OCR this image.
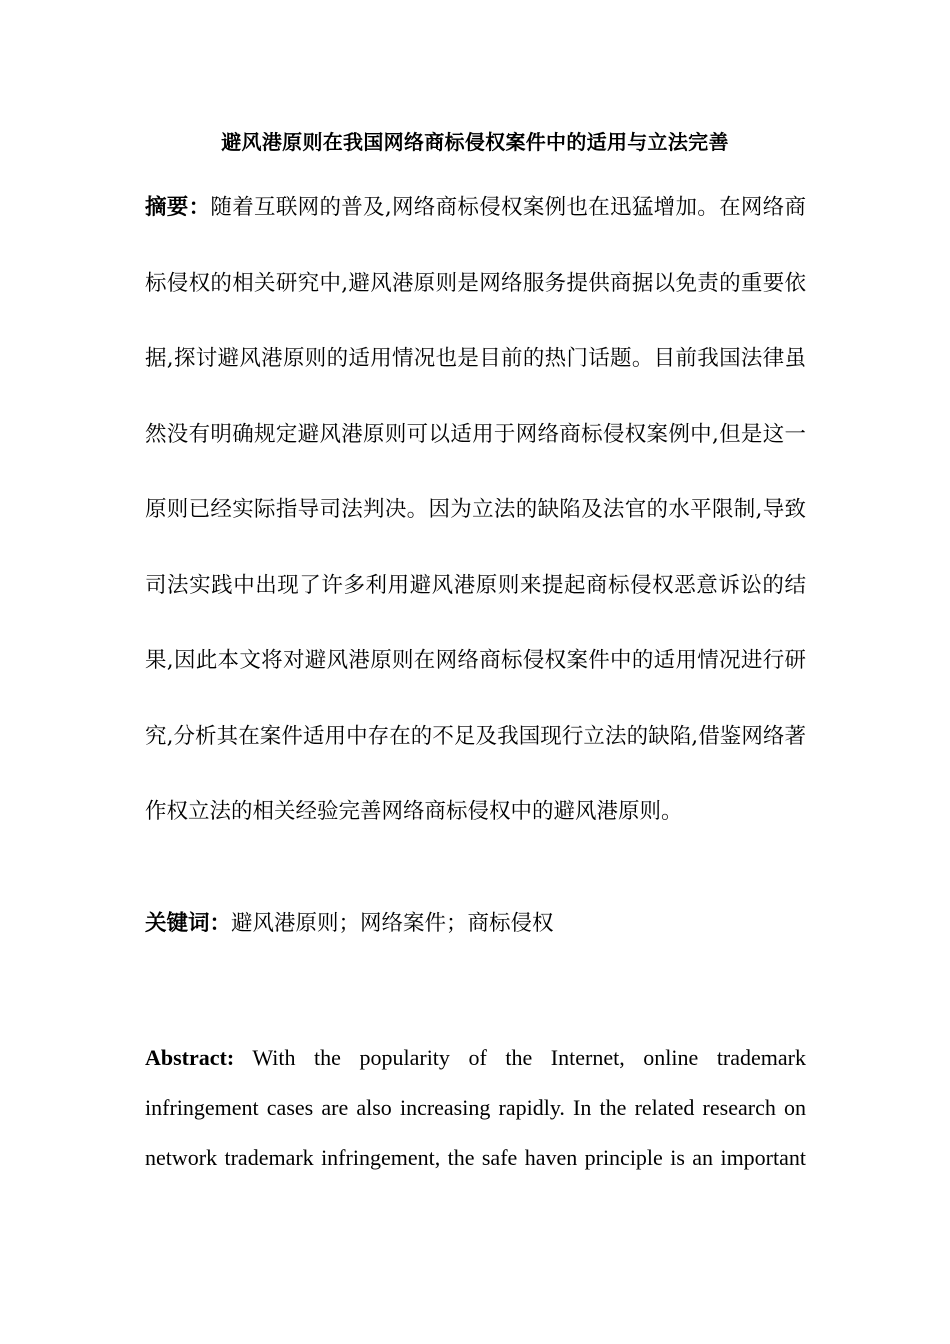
避风港原则在我国网络商标侵权案件中的适用与立法完善

摘要：随着互联网的普及,网络商标侵权案例也在迅猛增加。在网络商标侵权的相关研究中,避风港原则是网络服务提供商据以免责的重要依据,探讨避风港原则的适用情况也是目前的热门话题。目前我国法律虽然没有明确规定避风港原则可以适用于网络商标侵权案例中,但是这一原则已经实际指导司法判决。因为立法的缺陷及法官的水平限制,导致司法实践中出现了许多利用避风港原则来提起商标侵权恶意诉讼的结果,因此本文将对避风港原则在网络商标侵权案件中的适用情况进行研究,分析其在案件适用中存在的不足及我国现行立法的缺陷,借鉴网络著作权立法的相关经验完善网络商标侵权中的避风港原则。

关键词：避风港原则；网络案件；商标侵权

Abstract: With the popularity of the Internet, online trademark infringement cases are also increasing rapidly. In the related research on network trademark infringement, the safe haven principle is an important
